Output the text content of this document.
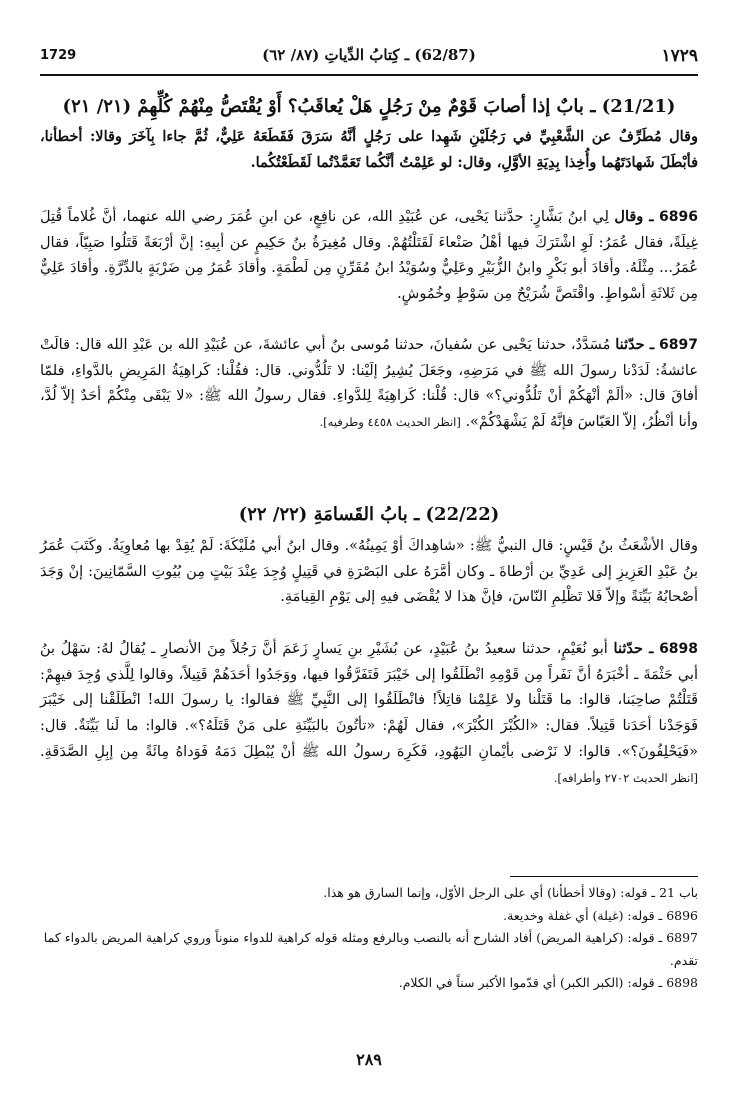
1729	(62/87) ـ كِتابُ الدِّياتِ (٨٧/ ٦٢)	١٧٢٩
(21/21) ـ بابٌ إذا أصابَ قَوْمٌ مِنْ رَجُلٍ هَلْ يُعاقَبُ؟ أَوْ يُقْتَصُّ مِنْهُمْ كُلِّهِمْ (٢١/ ٢١)
وقال مُطَرِّفٌ عن الشَّعْبِيِّ في رَجُلَيْنِ شَهِدا على رَجُلٍ أنَّهُ سَرَقَ فَقَطَعَهُ عَلِيٌّ، ثُمَّ جاءا بِآخَرَ وقالا: أخطأنا، فأبْطَلَ شَهادَتَهُما وأُخِذا بِدِيَةِ الأوَّلِ، وقال: لو عَلِمْتُ أنَّكُما تَعَمَّدْتُما لَقَطَعْتُكُما.
6896 ـ وقال لِي ابنُ بَشَّارٍ: حدَّثنا يَحْيى، عن عُبَيْدِ الله، عن نافِعٍ، عن ابنِ عُمَرَ رضي الله عنهما، أنَّ غُلاماً قُتِلَ غِيلَةً، فقال عُمَرُ: لَوِ اشْتَرَكَ فيها أهْلُ صَنْعاءَ لَقَتَلْتُهُمْ. وقال مُغِيرَةُ بنُ حَكِيمٍ عن أبِيهِ: إنَّ أرْبَعَةً قَتَلُوا صَبِيّاً، فقال عُمَرُ... مِثْلَهُ. وأقادَ أبو بَكْرٍ وابنُ الزُّبَيْرِ وعَلِيٌّ وسُوَيْدُ ابنُ مُقَرِّنٍ مِن لَطْمَةٍ. وأقادَ عُمَرُ مِن ضَرْبَةٍ بالدِّرَّةِ. وأقادَ عَلِيٌّ مِن ثَلاثَةِ أسْواطٍ. واقْتَصَّ شُرَيْحٌ مِن سَوْطٍ وخُمُوشٍ.
6897 ـ حدّثنا مُسَدَّدٌ، حدثنا يَحْيى عن سُفيانَ، حدثنا مُوسى بنُ أبي عائشةَ، عن عُبَيْدِ الله بن عَبْدِ الله قال: قالَتْ عائشةُ: لَدَدْنا رسولَ الله ﷺ في مَرَضِهِ، وجَعَلَ يُشِيرُ إلَيْنا: لا تَلُدُّوني. قال: فقُلْنا: كَراهِيَةُ المَرِيضِ بالدَّواءِ، فلمّا أفاقَ قال: «ألَمْ أنْهَكُمْ أنْ تَلُدُّوني؟» قال: قُلْنا: كَراهِيَةً لِلدَّواءِ. فقال رسولُ الله ﷺ: «لا يَبْقَى مِنْكُمْ أحَدٌ إلاّ لُدَّ، وأنا أنْظُرُ، إلاّ العَبّاسَ فإنَّهُ لَمْ يَشْهَدْكُمْ». [انظر الحديث ٤٤٥٨ وطرفيه].
(22/22) ـ بابُ القَسامَةِ (٢٢/ ٢٢)
وقال الأشْعَثُ بنُ قَيْسٍ: قال النبيُّ ﷺ: «شاهِداكَ أوْ يَمِينُهُ». وقال ابنُ أبي مُلَيْكَةَ: لَمْ يُقِدْ بها مُعاوِيَةُ. وكَتَبَ عُمَرُ بنُ عَبْدِ العَزِيزِ إلى عَدِيِّ بن أرْطاةَ ـ وكان أمَّرَهُ على البَصْرَةِ في قَتِيلٍ وُجِدَ عِنْدَ بَيْتٍ مِن بُيُوتِ السَّمّانِينَ: إنْ وَجَدَ أصْحابُهُ بَيِّنَةً وإلاّ فَلا تَظْلِمِ النّاسَ، فإنَّ هذا لا يُقْضَى فيهِ إلى يَوْمِ القِيامَةِ.
6898 ـ حدّثنا أبو نُعَيْمٍ، حدثنا سعيدُ بنُ عُبَيْدٍ، عن بُشَيْرِ بنِ يَسارٍ زَعَمَ أنَّ رَجُلاً مِنَ الأنصارِ ـ يُقالُ لهُ: سَهْلُ بنُ أبي حَثْمَةَ ـ أخْبَرَهُ أنَّ نَفَراً مِن قَوْمِهِ انْطَلَقُوا إلى خَيْبَرَ فَتَفَرَّقُوا فيها، ووَجَدُوا أحَدَهُمْ قَتِيلاً، وقالوا لِلَّذي وُجِدَ فيهِمْ: قَتَلْتُمْ صاحِبَنا، قالوا: ما قَتَلْنا ولا عَلِمْنا قاتِلاً! فانْطَلَقُوا إلى النَّبِيِّ ﷺ فقالوا: يا رسولَ الله! انْطَلَقْنا إلى خَيْبَرَ فَوَجَدْنا أحَدَنا قَتِيلاً. فقال: «الكُبْرَ الكُبْرَ»، فقال لَهُمْ: «تأتُونَ بالبَيِّنَةِ على مَنْ قَتَلَهُ؟». قالوا: ما لَنا بَيِّنَةٌ. قال: «فَيَحْلِفُونَ؟». قالوا: لا نَرْضى بأيْمانِ اليَهُودِ، فَكَرِهَ رسولُ الله ﷺ أنْ يُبْطِلَ دَمَهُ فَوَداهُ مِائَةً مِن إبِلِ الصَّدَقَةِ. [انظر الحديث ٢٧٠٢ وأطرافه].

باب 21 ـ قوله: (وقالا أخطأنا) أي على الرجل الأوّل، وإنما السارق هو هذا.

6896 ـ قوله: (غيلة) أي غفلة وخديعة.

6897 ـ قوله: (كراهية المريض) أفاد الشارح أنه بالنصب وبالرفع ومثله قوله كراهية للدواء منوناً وروي كراهية المريض بالدواء كما تقدم.

6898 ـ قوله: (الكبر الكبر) أي قدّموا الأكبر سناً في الكلام.

٢٨٩
